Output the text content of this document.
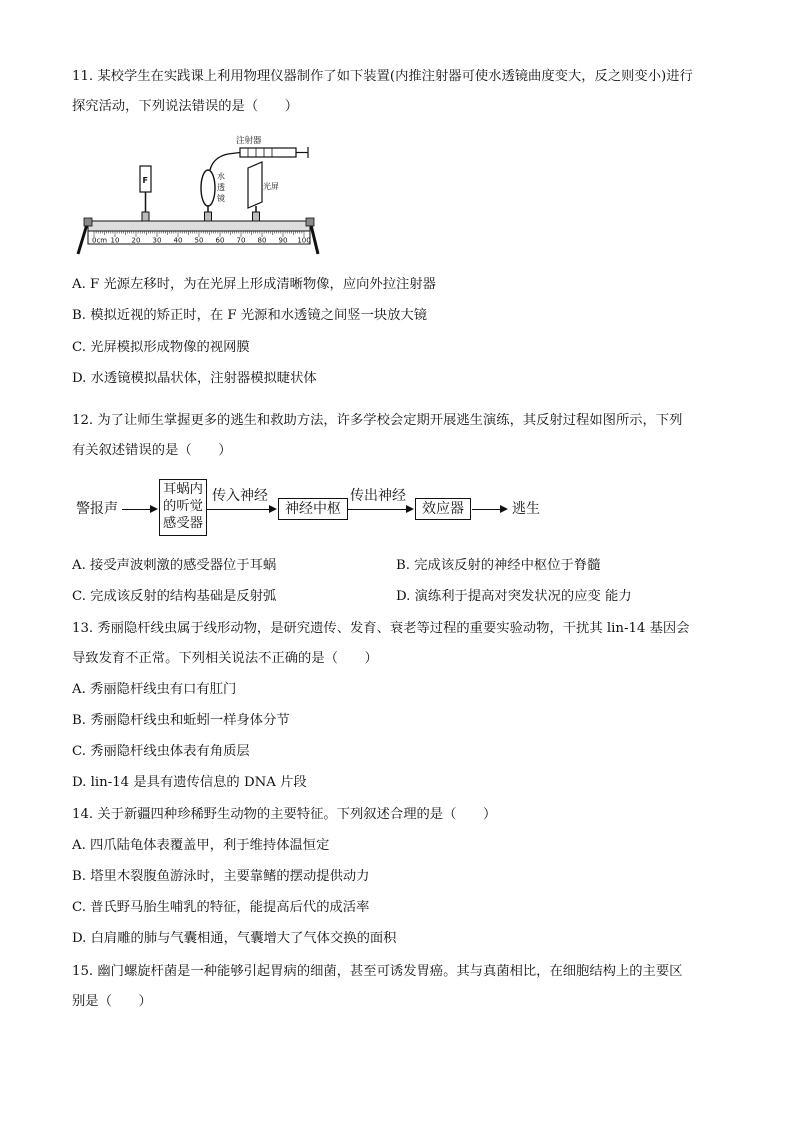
11. 某校学生在实践课上利用物理仪器制作了如下装置(内推注射器可使水透镜曲度变大，反之则变小)进行
探究活动，下列说法错误的是（　　）
注射器
F	水
透
镜
光屏
0cm 10 20 30 40 50 60 70 80 90 100
A. F 光源左移时，为在光屏上形成清晰物像，应向外拉注射器
B. 模拟近视的矫正时，在 F 光源和水透镜之间竖一块放大镜
C. 光屏模拟形成物像的视网膜
D. 水透镜模拟晶状体，注射器模拟睫状体
12. 为了让师生掌握更多的逃生和救助方法，许多学校会定期开展逃生演练，其反射过程如图所示，下列
有关叙述错误的是（　　）
警报声
耳蜗内
的听觉
感受器
传入神经
神经中枢
传出神经
效应器	逃生
A. 接受声波刺激的感受器位于耳蜗	B. 完成该反射的神经中枢位于脊髓
C. 完成该反射的结构基础是反射弧	D. 演练利于提高对突发状况的应变 能力
13. 秀丽隐杆线虫属于线形动物，是研究遗传、发育、衰老等过程的重要实验动物，干扰其 lin-14 基因会
导致发育不正常。下列相关说法不正确的是（　　）
A. 秀丽隐杆线虫有口有肛门
B. 秀丽隐杆线虫和蚯蚓一样身体分节
C. 秀丽隐杆线虫体表有角质层
D. lin-14 是具有遗传信息的 DNA 片段
14. 关于新疆四种珍稀野生动物的主要特征。下列叙述合理的是（　　）
A. 四爪陆龟体表覆盖甲，利于维持体温恒定
B. 塔里木裂腹鱼游泳时，主要靠鳍的摆动提供动力
C. 普氏野马胎生哺乳的特征，能提高后代的成活率
D. 白肩雕的肺与气囊相通，气囊增大了气体交换的面积
15. 幽门螺旋杆菌是一种能够引起胃病的细菌，甚至可诱发胃癌。其与真菌相比，在细胞结构上的主要区
别是（　　）
